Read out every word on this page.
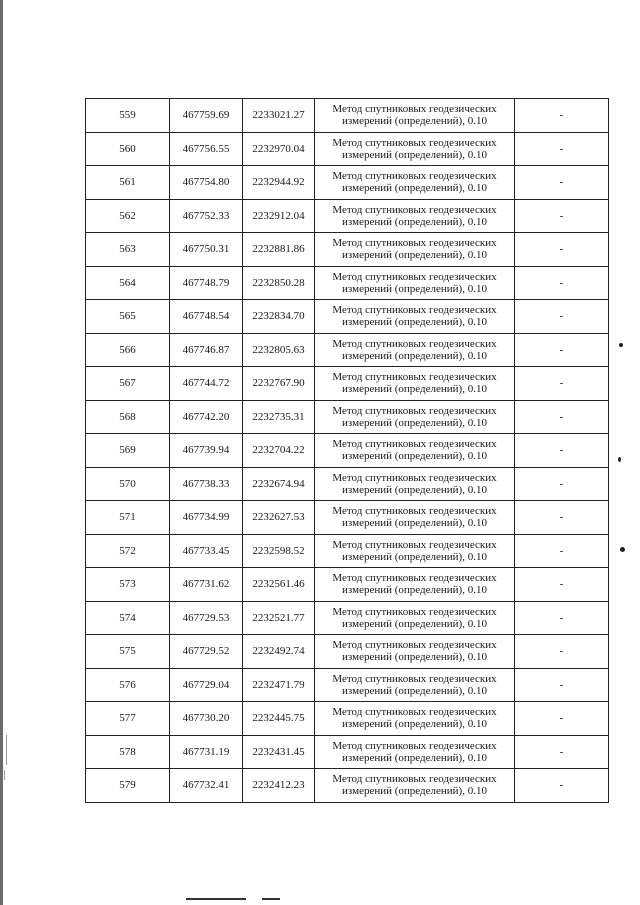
559	467759.69	2233021.27	Метод спутниковых геодезических
измерений (определений), 0.10	-
560	467756.55	2232970.04	Метод спутниковых геодезических
измерений (определений), 0.10	-
561	467754.80	2232944.92	Метод спутниковых геодезических
измерений (определений), 0.10	-
562	467752.33	2232912.04	Метод спутниковых геодезических
измерений (определений), 0.10	-
563	467750.31	2232881.86	Метод спутниковых геодезических
измерений (определений), 0.10	-
564	467748.79	2232850.28	Метод спутниковых геодезических
измерений (определений), 0.10	-
565	467748.54	2232834.70	Метод спутниковых геодезических
измерений (определений), 0.10	-
566	467746.87	2232805.63	Метод спутниковых геодезических
измерений (определений), 0.10	-
567	467744.72	2232767.90	Метод спутниковых геодезических
измерений (определений), 0.10	-
568	467742.20	2232735.31	Метод спутниковых геодезических
измерений (определений), 0.10	-
569	467739.94	2232704.22	Метод спутниковых геодезических
измерений (определений), 0.10	-
570	467738.33	2232674.94	Метод спутниковых геодезических
измерений (определений), 0.10	-
571	467734.99	2232627.53	Метод спутниковых геодезических
измерений (определений), 0.10	-
572	467733.45	2232598.52	Метод спутниковых геодезических
измерений (определений), 0.10	-
573	467731.62	2232561.46	Метод спутниковых геодезических
измерений (определений), 0.10	-
574	467729.53	2232521.77	Метод спутниковых геодезических
измерений (определений), 0.10	-
575	467729.52	2232492.74	Метод спутниковых геодезических
измерений (определений), 0.10	-
576	467729.04	2232471.79	Метод спутниковых геодезических
измерений (определений), 0.10	-
577	467730.20	2232445.75	Метод спутниковых геодезических
измерений (определений), 0.10	-
578	467731.19	2232431.45	Метод спутниковых геодезических
измерений (определений), 0.10	-
579	467732.41	2232412.23	Метод спутниковых геодезических
измерений (определений), 0.10	-
